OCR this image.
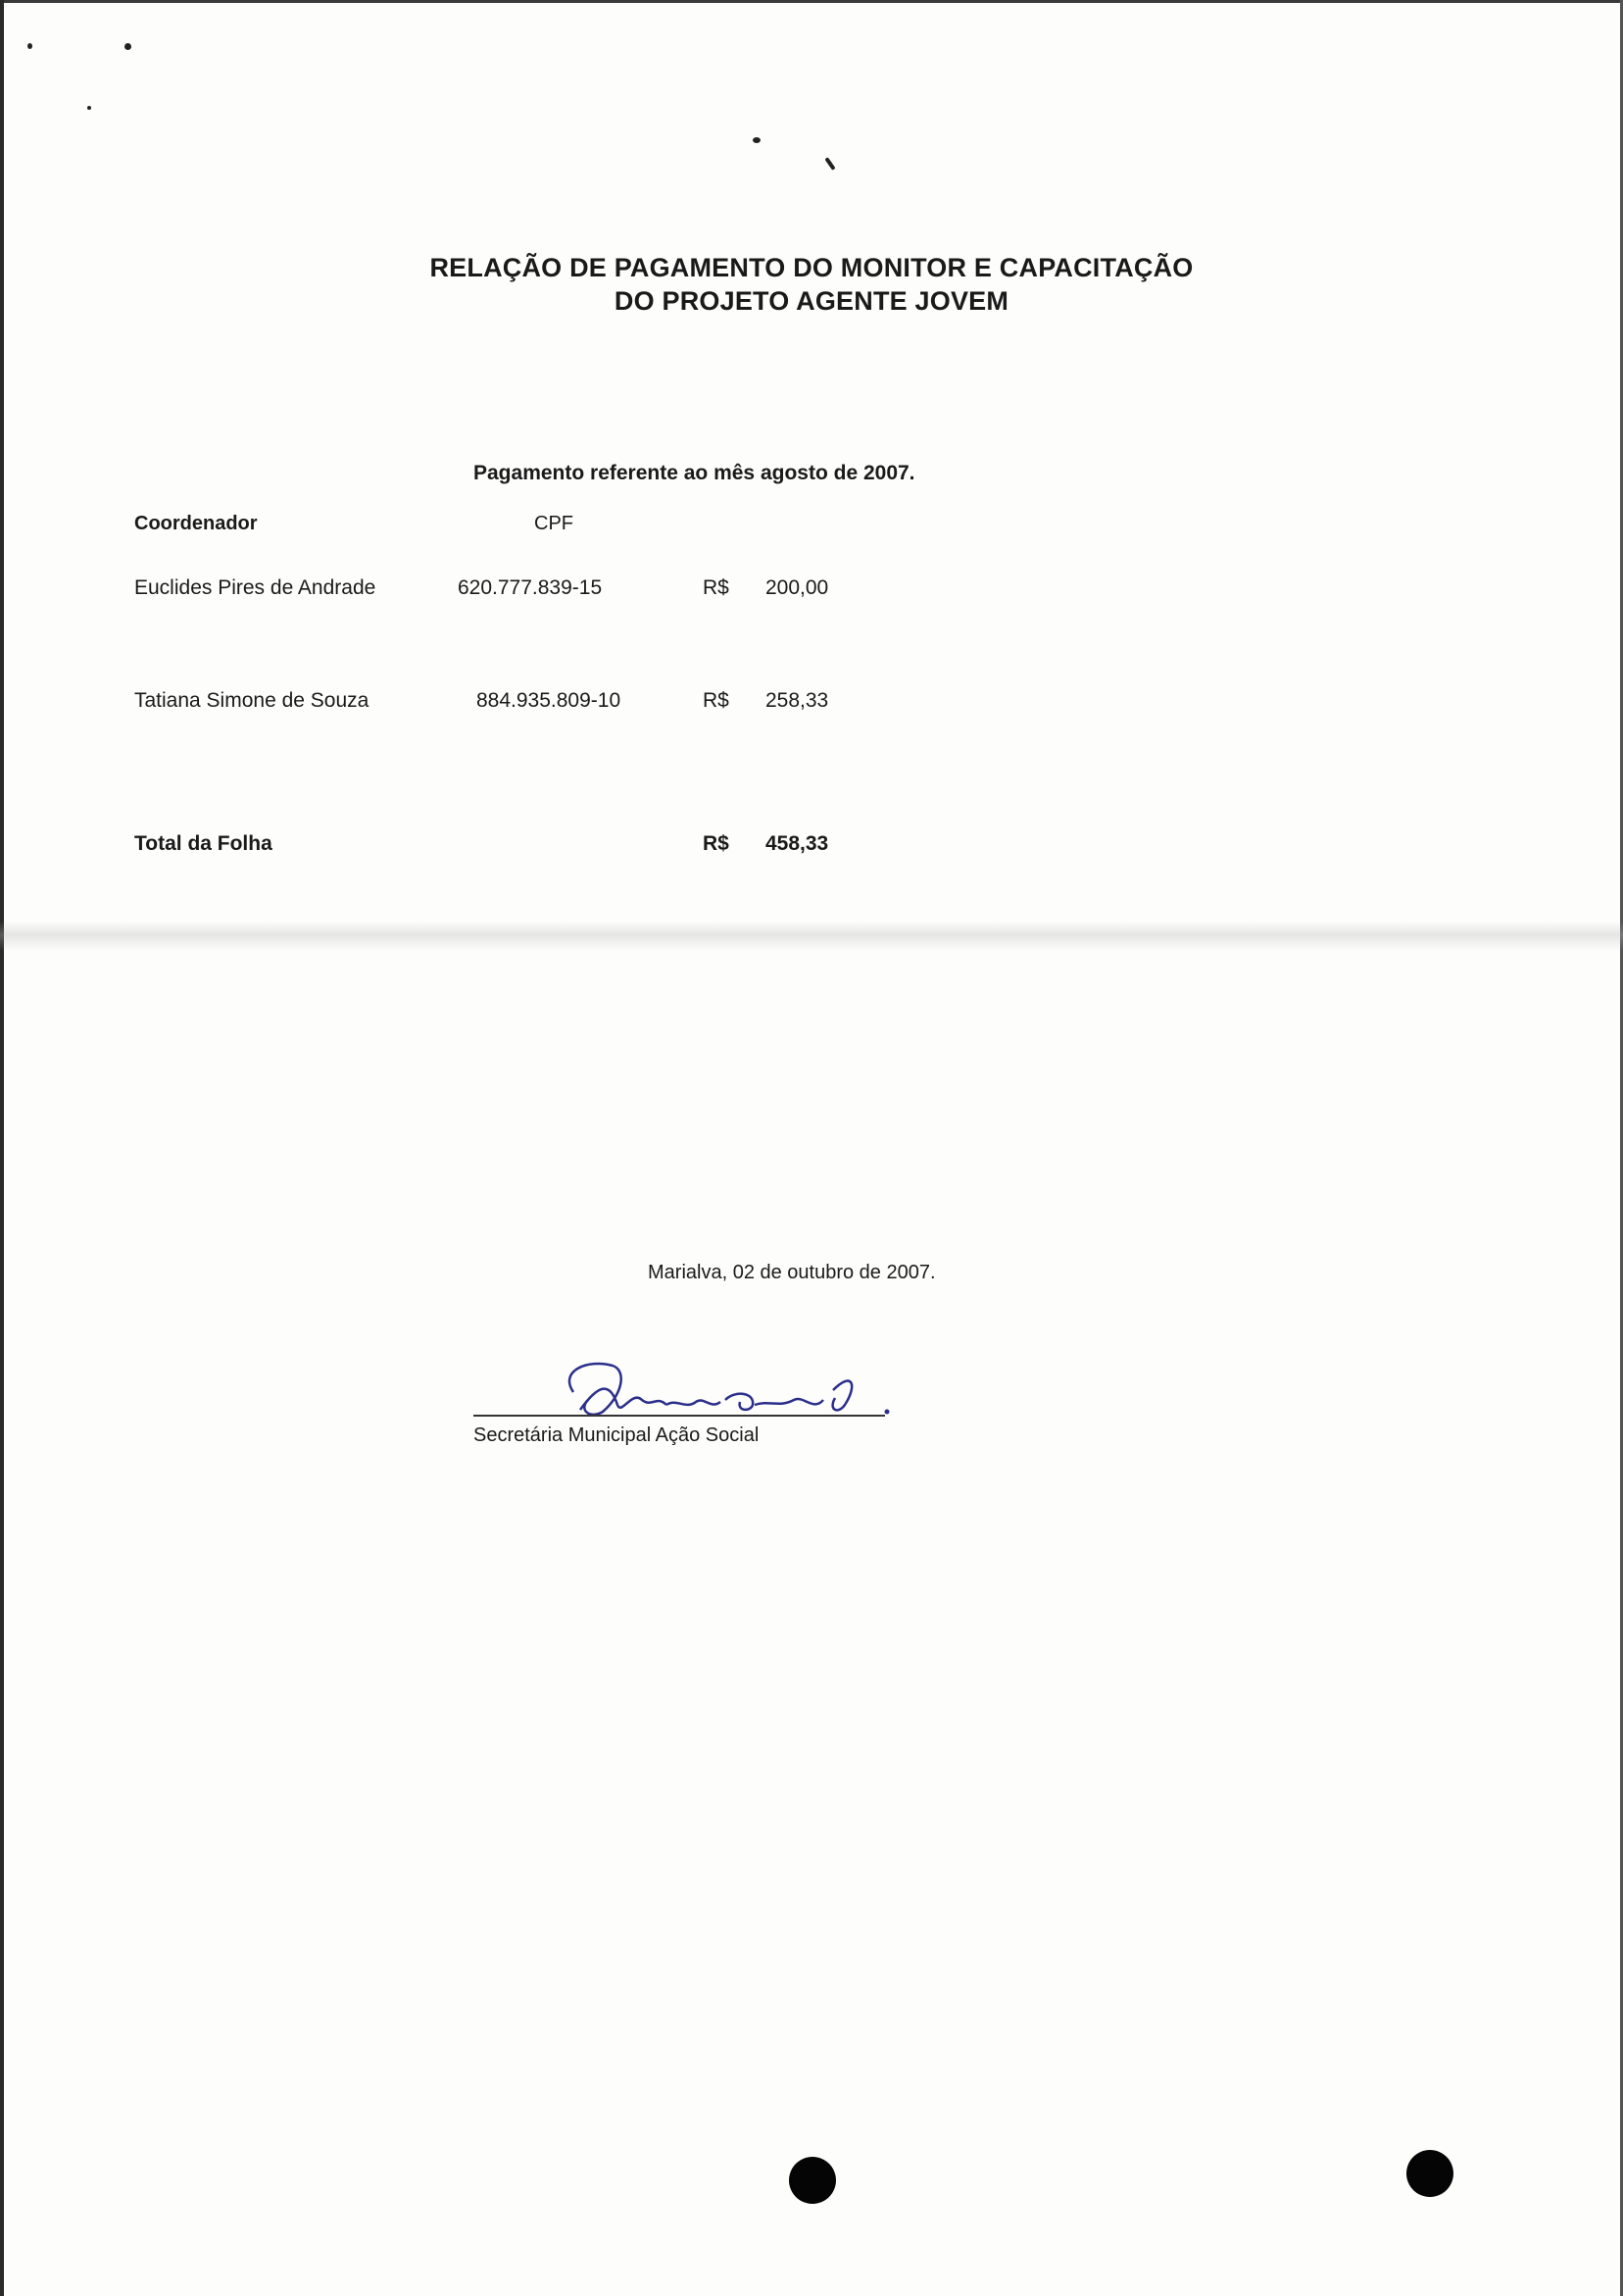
RELAÇÃO DE PAGAMENTO DO MONITOR E CAPACITAÇÃO
DO PROJETO AGENTE JOVEM
Pagamento referente ao mês agosto de 2007.
Coordenador	CPF
Euclides Pires de Andrade	620.777.839-15	R$ 200,00
Tatiana Simone de Souza	884.935.809-10	R$ 258,33
Total da Folha	R$ 458,33
Marialva, 02 de outubro de 2007.
Secretária Municipal Ação Social
